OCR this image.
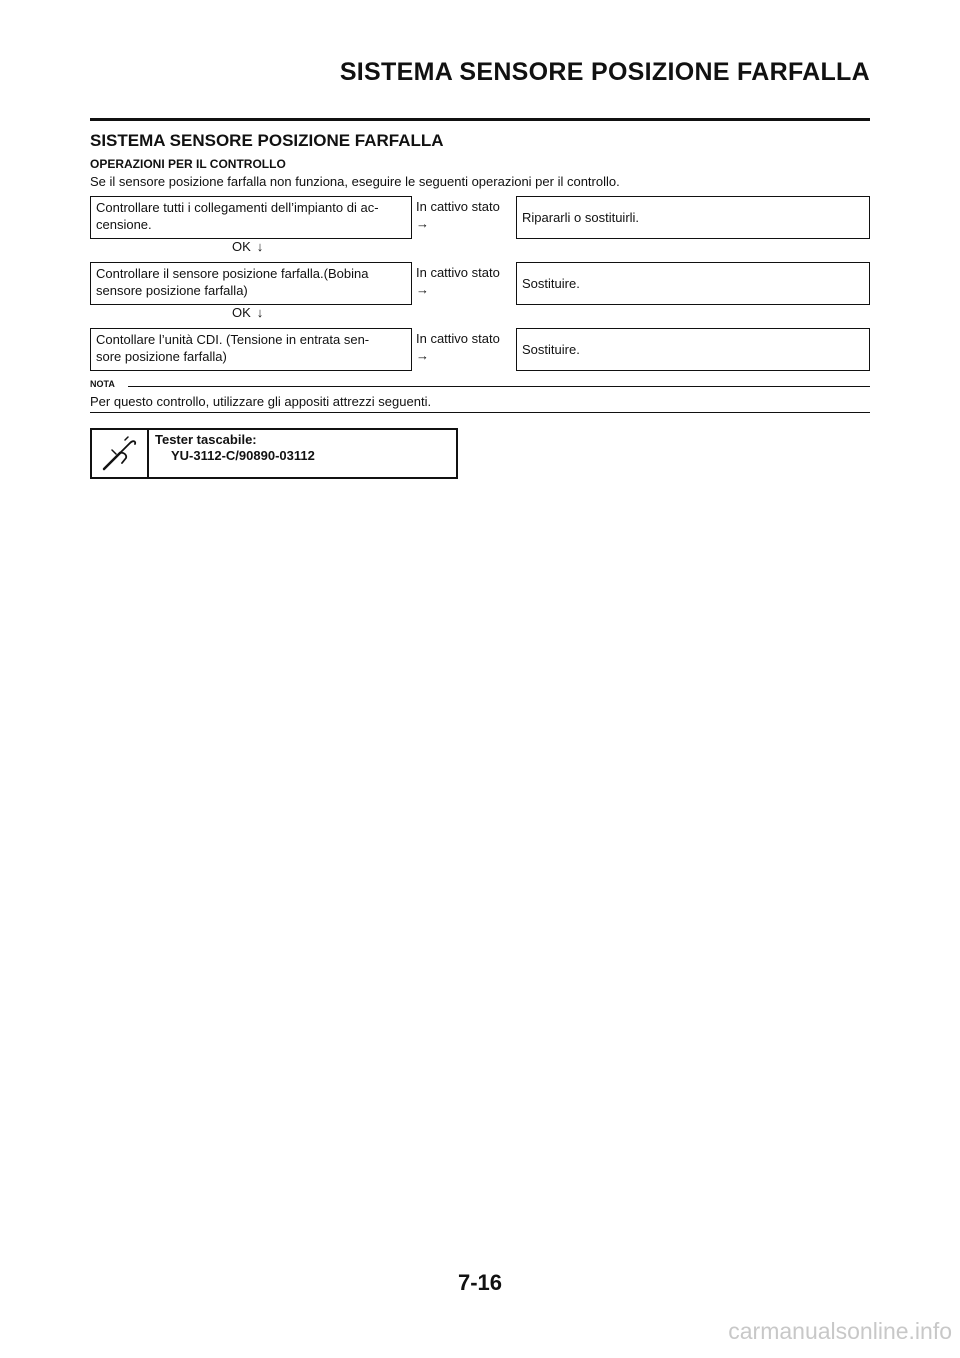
SISTEMA SENSORE POSIZIONE FARFALLA
SISTEMA SENSORE POSIZIONE FARFALLA
OPERAZIONI PER IL CONTROLLO
Se il sensore posizione farfalla non funziona, eseguire le seguenti operazioni per il controllo.
Controllare tutti i collegamenti dell’impianto di ac-
censione.
In cattivo stato
→	Ripararli o sostituirli.
OK ↓
Controllare il sensore posizione farfalla.(Bobina
sensore posizione farfalla)
In cattivo stato
→	Sostituire.
OK ↓
Contollare l’unità CDI. (Tensione in entrata sen-
sore posizione farfalla)
In cattivo stato
→	Sostituire.
NOTA
Per questo controllo, utilizzare gli appositi attrezzi seguenti.
Tester tascabile:
YU-3112-C/90890-03112
7-16
carmanualsonline.info
